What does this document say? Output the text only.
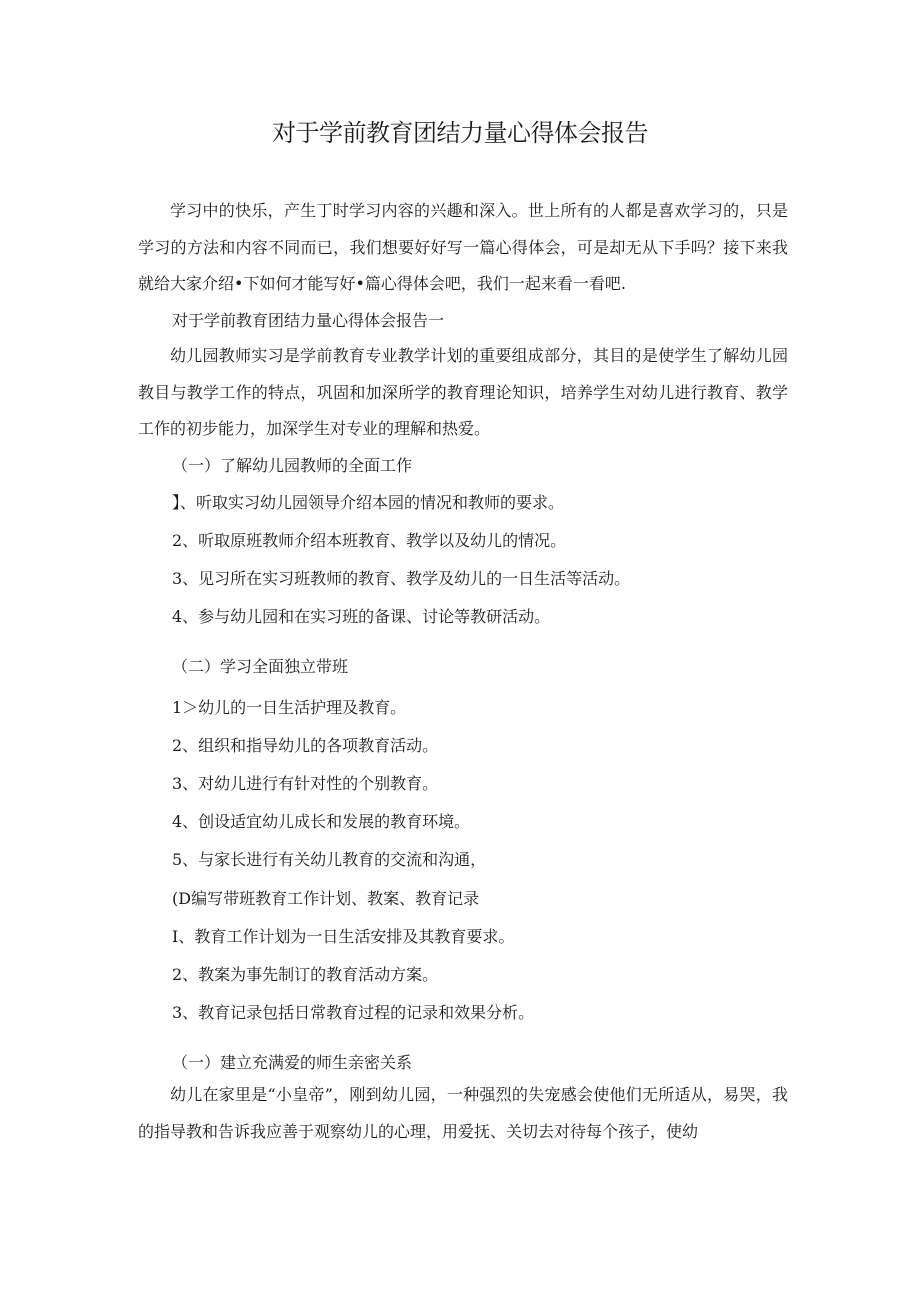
对于学前教育团结力量心得体会报告

学习中的快乐，产生丁时学习内容的兴趣和深入。世上所有的人都是喜欢学习的，只是学习的方法和内容不同而已，我们想要好好写一篇心得体会，可是却无从下手吗？接下来我就给大家介绍•下如何才能写好•篇心得体会吧，我们一起来看一看吧.

对于学前教育团结力量心得体会报告一

幼儿园教师实习是学前教育专业教学计划的重要组成部分，其目的是使学生了解幼儿园教目与教学工作的特点，巩固和加深所学的教育理论知识，培养学生对幼儿进行教育、教学工作的初步能力，加深学生对专业的理解和热爱。

（一）了解幼儿园教师的全面工作

】、听取实习幼儿园领导介绍本园的情况和教师的要求。

2、听取原班教师介绍本班教育、教学以及幼儿的情况。

3、见习所在实习班教师的教育、教学及幼儿的一日生活等活动。

4、参与幼儿园和在实习班的备课、讨论等教研活动。

（二）学习全面独立带班

1＞幼儿的一日生活护理及教育。

2、组织和指导幼儿的各项教育活动。

3、对幼儿进行有针对性的个别教育。

4、创设适宜幼儿成长和发展的教育环境。

5、与家长进行有关幼儿教育的交流和沟通，

(D编写带班教育工作计划、教案、教育记录

I、教育工作计划为一日生活安排及其教育要求。

2、教案为事先制订的教育活动方案。

3、教育记录包括日常教育过程的记录和效果分析。

（一）建立充满爱的师生亲密关系

幼儿在家里是“小皇帝”，刚到幼儿园，一种强烈的失宠感会使他们无所适从，易哭，我的指导教和告诉我应善于观察幼儿的心理，用爱抚、关切去对待每个孩子，使幼
